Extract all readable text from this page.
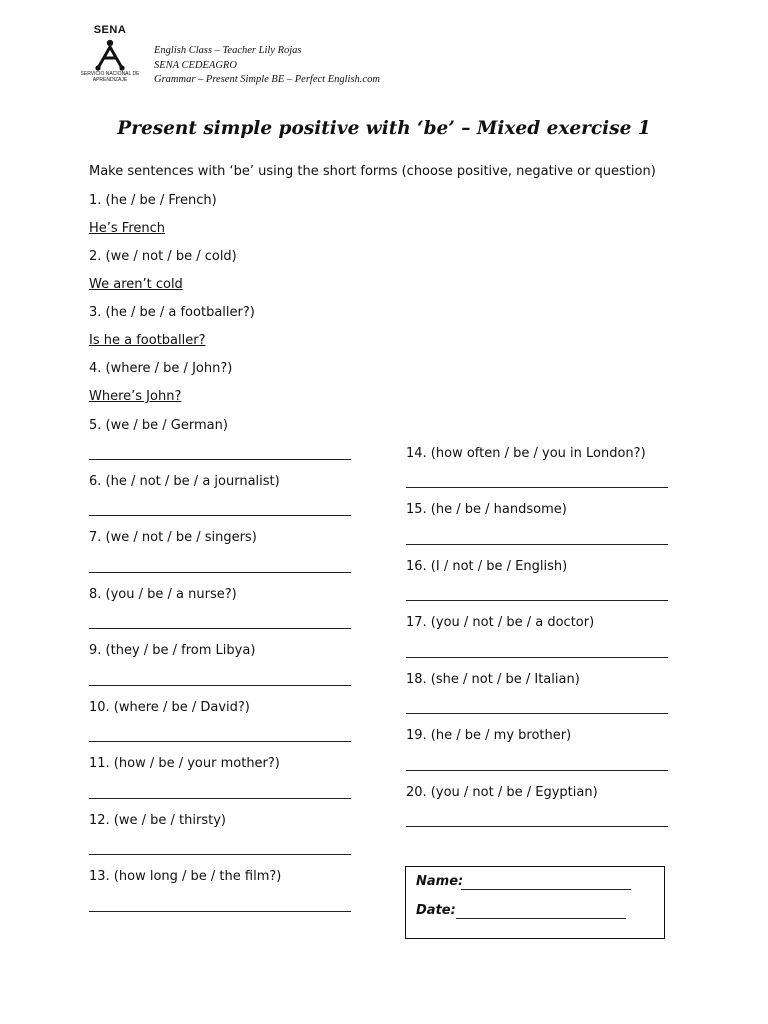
SENA
SERVICIO NACIONAL DE APRENDIZAJE
English Class – Teacher Lily Rojas
SENA CEDEAGRO
Grammar – Present Simple BE – Perfect English.com
Present simple positive with ‘be’ – Mixed exercise 1
Make sentences with ‘be’ using the short forms (choose positive, negative or question)
1. (he / be / French)
He’s French
2. (we / not / be / cold)
We aren’t cold
3. (he / be / a footballer?)
Is he a footballer?
4. (where / be / John?)
Where’s John?
5. (we / be / German)
6. (he / not / be / a journalist)
7. (we / not / be / singers)
8. (you / be / a nurse?)
9. (they / be / from Libya)
10. (where / be / David?)
11. (how / be / your mother?)
12. (we / be / thirsty)
13. (how long / be / the film?)
14. (how often / be / you in London?)
15. (he / be / handsome)
16. (I / not / be / English)
17. (you / not / be / a doctor)
18. (she / not / be / Italian)
19. (he / be / my brother)
20. (you / not / be / Egyptian)
Name:
Date:
